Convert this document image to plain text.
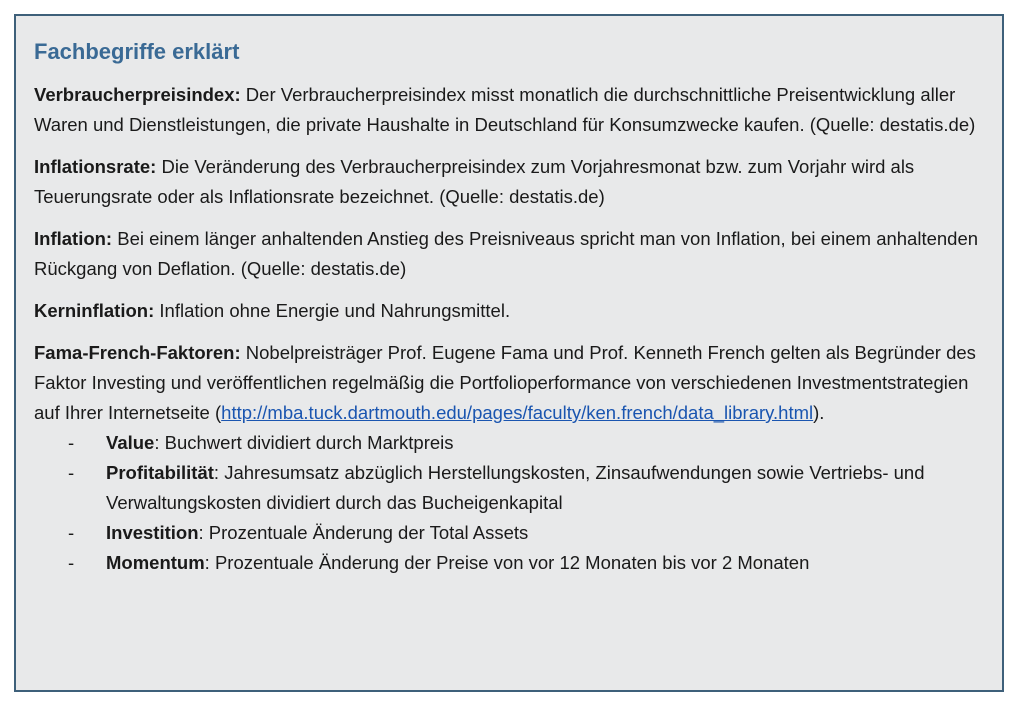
Fachbegriffe erklärt

Verbraucherpreisindex: Der Verbraucherpreisindex misst monatlich die durchschnittliche Preisentwicklung aller Waren und Dienstleistungen, die private Haushalte in Deutschland für Konsumzwecke kaufen. (Quelle: destatis.de)

Inflationsrate: Die Veränderung des Verbraucherpreisindex zum Vorjahresmonat bzw. zum Vorjahr wird als Teuerungsrate oder als Inflationsrate bezeichnet. (Quelle: destatis.de)

Inflation: Bei einem länger anhaltenden Anstieg des Preisniveaus spricht man von Inflation, bei einem anhaltenden Rückgang von Deflation. (Quelle: destatis.de)

Kerninflation: Inflation ohne Energie und Nahrungsmittel.

Fama-French-Faktoren: Nobelpreisträger Prof. Eugene Fama und Prof. Kenneth French gelten als Begründer des Faktor Investing und veröffentlichen regelmäßig die Portfolioperformance von verschiedenen Investmentstrategien auf Ihrer Internetseite (http://mba.tuck.dartmouth.edu/pages/faculty/ken.french/data_library.html).

- Value: Buchwert dividiert durch Marktpreis
- Profitabilität: Jahresumsatz abzüglich Herstellungskosten, Zinsaufwendungen sowie Vertriebs- und Verwaltungskosten dividiert durch das Bucheigenkapital
- Investition: Prozentuale Änderung der Total Assets
- Momentum: Prozentuale Änderung der Preise von vor 12 Monaten bis vor 2 Monaten
